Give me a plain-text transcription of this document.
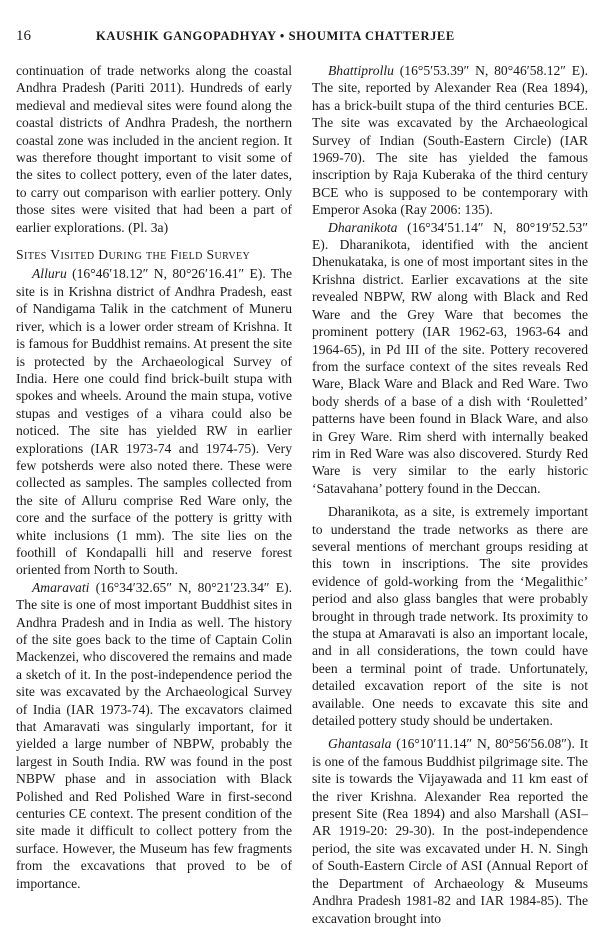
16	KAUSHIK GANGOPADHYAY • SHOUMITA CHATTERJEE

continuation of trade networks along the coastal Andhra Pradesh (Pariti 2011). Hundreds of early medieval and medieval sites were found along the coastal districts of Andhra Pradesh, the northern coastal zone was included in the ancient region. It was therefore thought important to visit some of the sites to collect pottery, even of the later dates, to carry out comparison with earlier pottery. Only those sites were visited that had been a part of earlier explorations. (Pl. 3a)

Sites Visited During the Field Survey

Alluru (16°46′18.12″ N, 80°26′16.41″ E). The site is in Krishna district of Andhra Pradesh, east of Nandigama Talik in the catchment of Muneru river, which is a lower order stream of Krishna. It is famous for Buddhist remains. At present the site is protected by the Archaeological Survey of India. Here one could find brick-built stupa with spokes and wheels. Around the main stupa, votive stupas and vestiges of a vihara could also be noticed. The site has yielded RW in earlier explorations (IAR 1973-74 and 1974-75). Very few potsherds were also noted there. These were collected as samples. The samples collected from the site of Alluru comprise Red Ware only, the core and the surface of the pottery is gritty with white inclusions (1 mm). The site lies on the foothill of Kondapalli hill and reserve forest oriented from North to South.

Amaravati (16°34′32.65″ N, 80°21′23.34″ E). The site is one of most important Buddhist sites in Andhra Pradesh and in India as well. The history of the site goes back to the time of Captain Colin Mackenzei, who discovered the remains and made a sketch of it. In the post-independence period the site was excavated by the Archaeological Survey of India (IAR 1973-74). The excavators claimed that Amaravati was singularly important, for it yielded a large number of NBPW, probably the largest in South India. RW was found in the post NBPW phase and in association with Black Polished and Red Polished Ware in first-second centuries CE context. The present condition of the site made it difficult to collect pottery from the surface. However, the Museum has few fragments from the excavations that proved to be of importance.

Bhattiprollu (16°5′53.39″ N, 80°46′58.12″ E). The site, reported by Alexander Rea (Rea 1894), has a brick-built stupa of the third centuries BCE. The site was excavated by the Archaeological Survey of Indian (South-Eastern Circle) (IAR 1969-70). The site has yielded the famous inscription by Raja Kuberaka of the third century BCE who is supposed to be contemporary with Emperor Asoka (Ray 2006: 135).

Dharanikota (16°34′51.14″ N, 80°19′52.53″ E). Dharanikota, identified with the ancient Dhenukataka, is one of most important sites in the Krishna district. Earlier excavations at the site revealed NBPW, RW along with Black and Red Ware and the Grey Ware that becomes the prominent pottery (IAR 1962-63, 1963-64 and 1964-65), in Pd III of the site. Pottery recovered from the surface context of the sites reveals Red Ware, Black Ware and Black and Red Ware. Two body sherds of a base of a dish with ‘Rouletted’ patterns have been found in Black Ware, and also in Grey Ware. Rim sherd with internally beaked rim in Red Ware was also discovered. Sturdy Red Ware is very similar to the early historic ‘Satavahana’ pottery found in the Deccan.

Dharanikota, as a site, is extremely important to understand the trade networks as there are several mentions of merchant groups residing at this town in inscriptions. The site provides evidence of gold-working from the ‘Megalithic’ period and also glass bangles that were probably brought in through trade network. Its proximity to the stupa at Amaravati is also an important locale, and in all considerations, the town could have been a terminal point of trade. Unfortunately, detailed excavation report of the site is not available. One needs to excavate this site and detailed pottery study should be undertaken.

Ghantasala (16°10′11.14″ N, 80°56′56.08″). It is one of the famous Buddhist pilgrimage site. The site is towards the Vijayawada and 11 km east of the river Krishna. Alexander Rea reported the present Site (Rea 1894) and also Marshall (ASI–AR 1919-20: 29-30). In the post-independence period, the site was excavated under H. N. Singh of South-Eastern Circle of ASI (Annual Report of the Department of Archaeology & Museums Andhra Pradesh 1981-82 and IAR 1984-85). The excavation brought into
